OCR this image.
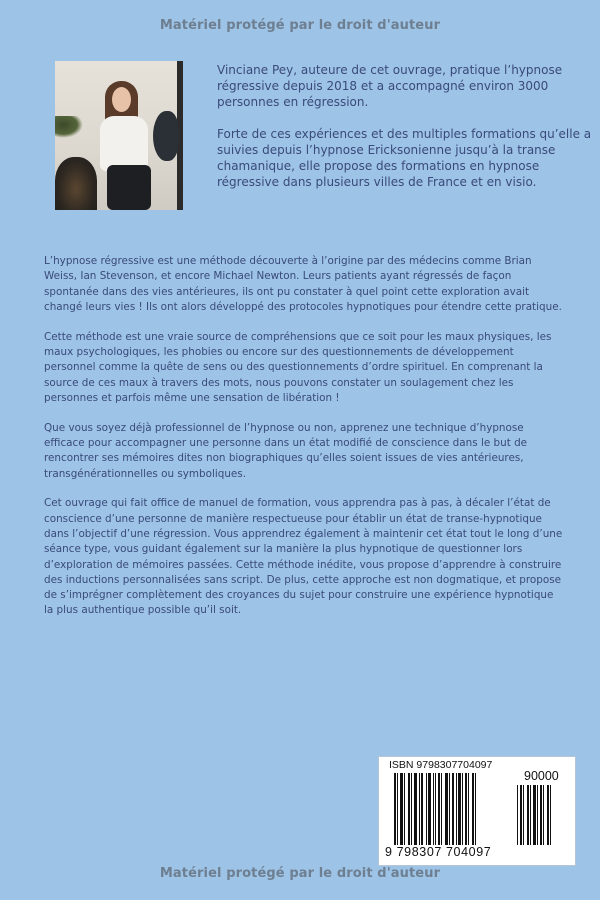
Matériel protégé par le droit d'auteur

Vinciane Pey, auteure de cet ouvrage, pratique l’hypnose régressive depuis 2018 et a accompagné environ 3000 personnes en régression.

Forte de ces expériences et des multiples formations qu’elle a suivies depuis l’hypnose Ericksonienne jusqu’à la transe chamanique, elle propose des formations en hypnose régressive dans plusieurs villes de France et en visio.

L’hypnose régressive est une méthode découverte à l’origine par des médecins comme Brian Weiss, Ian Stevenson, et encore Michael Newton. Leurs patients ayant régressés de façon spontanée dans des vies antérieures, ils ont pu constater à quel point cette exploration avait changé leurs vies ! Ils ont alors développé des protocoles hypnotiques pour étendre cette pratique.

Cette méthode est une vraie source de compréhensions que ce soit pour les maux physiques, les maux psychologiques, les phobies ou encore sur des questionnements de développement personnel comme la quête de sens ou des questionnements d’ordre spirituel. En comprenant la source de ces maux à travers des mots, nous pouvons constater un soulagement chez les personnes et parfois même une sensation de libération !

Que vous soyez déjà professionnel de l’hypnose ou non, apprenez une technique d’hypnose efficace pour accompagner une personne dans un état modifié de conscience dans le but de rencontrer ses mémoires dites non biographiques qu’elles soient issues de vies antérieures, transgénérationnelles ou symboliques.

Cet ouvrage qui fait office de manuel de formation, vous apprendra pas à pas, à décaler l’état de conscience d’une personne de manière respectueuse pour établir un état de transe-hypnotique dans l’objectif d’une régression. Vous apprendrez également à maintenir cet état tout le long d’une séance type, vous guidant également sur la manière la plus hypnotique de questionner lors d’exploration de mémoires passées. Cette méthode inédite, vous propose d’apprendre à construire des inductions personnalisées sans script. De plus, cette approche est non dogmatique, et propose de s’imprégner complètement des croyances du sujet pour construire une expérience hypnotique la plus authentique possible qu’il soit.

ISBN 9798307704097
90000
9 798307 704097
Matériel protégé par le droit d'auteur
